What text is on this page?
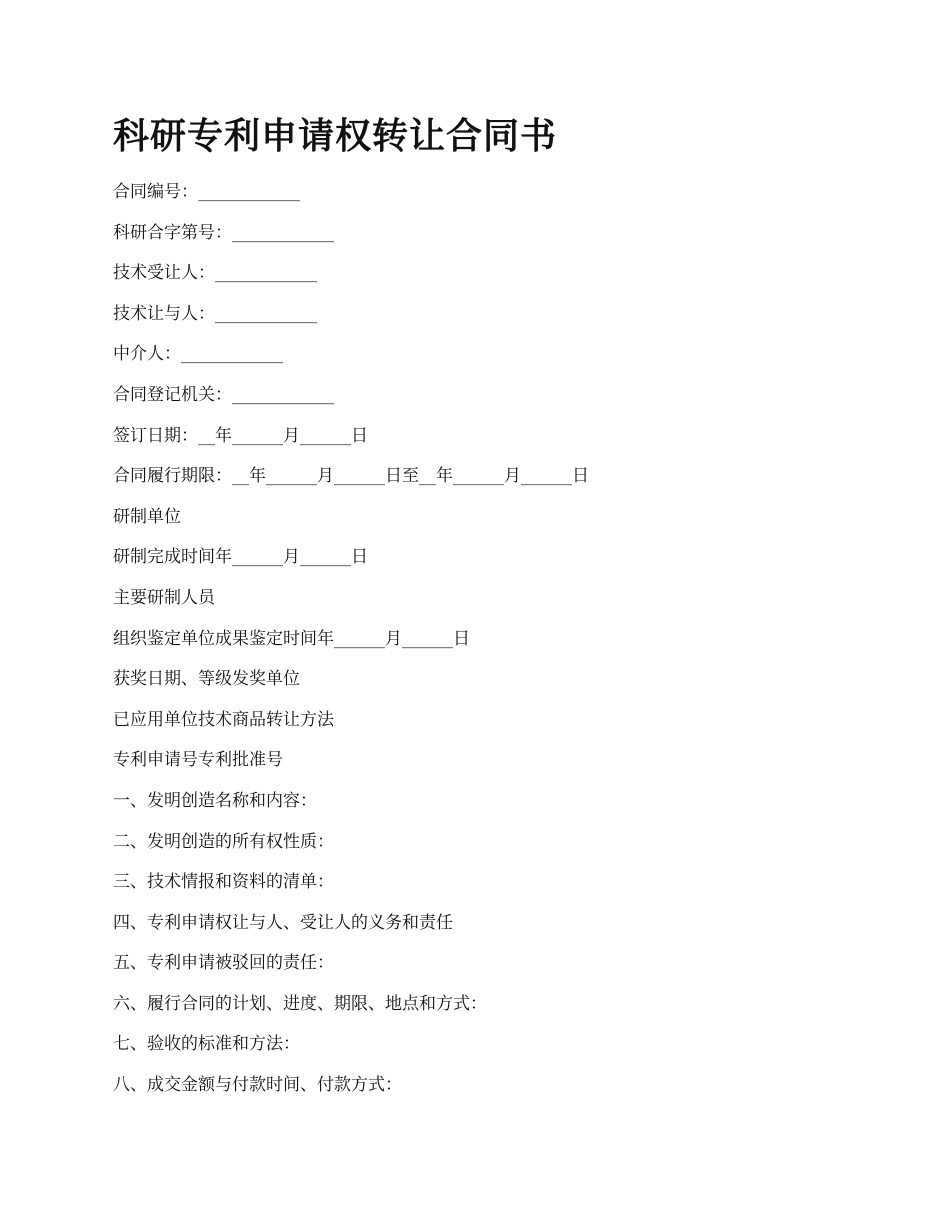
科研专利申请权转让合同书
合同编号：____________
科研合字第号：____________
技术受让人：____________
技术让与人：____________
中介人：____________
合同登记机关：____________
签订日期：__年______月______日
合同履行期限：__年______月______日至__年______月______日
研制单位
研制完成时间年______月______日
主要研制人员
组织鉴定单位成果鉴定时间年______月______日
获奖日期、等级发奖单位
已应用单位技术商品转让方法
专利申请号专利批准号
一、发明创造名称和内容：
二、发明创造的所有权性质：
三、技术情报和资料的清单：
四、专利申请权让与人、受让人的义务和责任
五、专利申请被驳回的责任：
六、履行合同的计划、进度、期限、地点和方式：
七、验收的标准和方法：
八、成交金额与付款时间、付款方式：
